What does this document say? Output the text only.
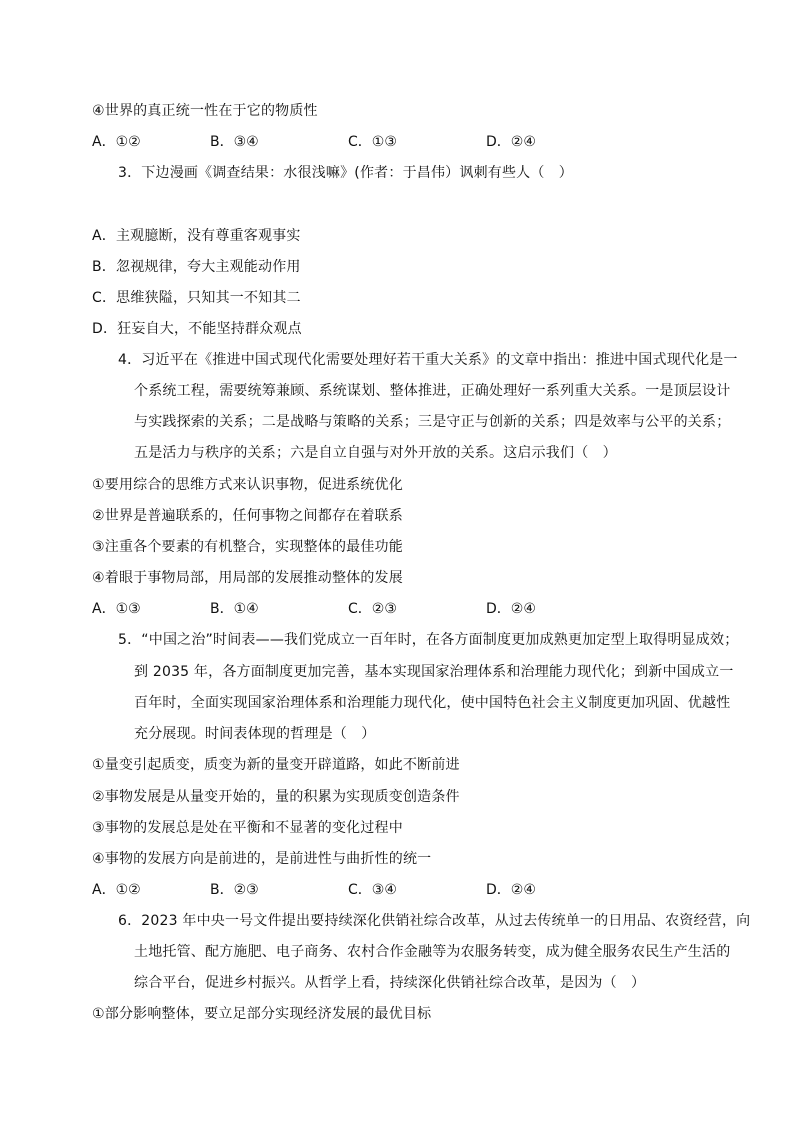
④世界的真正统一性在于它的物质性
A．①②	B．③④	C．①③	D．②④
3．下边漫画《调查结果：水很浅嘛》(作者：于昌伟）讽刺有些人（　）
A．主观臆断，没有尊重客观事实
B．忽视规律，夸大主观能动作用
C．思维狭隘，只知其一不知其二
D．狂妄自大，不能坚持群众观点
4．习近平在《推进中国式现代化需要处理好若干重大关系》的文章中指出：推进中国式现代化是一
个系统工程，需要统筹兼顾、系统谋划、整体推进，正确处理好一系列重大关系。一是顶层设计
与实践探索的关系；二是战略与策略的关系；三是守正与创新的关系；四是效率与公平的关系；
五是活力与秩序的关系；六是自立自强与对外开放的关系。这启示我们（　）
①要用综合的思维方式来认识事物，促进系统优化
②世界是普遍联系的，任何事物之间都存在着联系
③注重各个要素的有机整合，实现整体的最佳功能
④着眼于事物局部，用局部的发展推动整体的发展
A．①③	B．①④	C．②③	D．②④
5．“中国之治”时间表——我们党成立一百年时，在各方面制度更加成熟更加定型上取得明显成效；
到 2035 年，各方面制度更加完善，基本实现国家治理体系和治理能力现代化；到新中国成立一
百年时，全面实现国家治理体系和治理能力现代化，使中国特色社会主义制度更加巩固、优越性
充分展现。时间表体现的哲理是（　）
①量变引起质变，质变为新的量变开辟道路，如此不断前进
②事物发展是从量变开始的，量的积累为实现质变创造条件
③事物的发展总是处在平衡和不显著的变化过程中
④事物的发展方向是前进的，是前进性与曲折性的统一
A．①②	B．②③	C．③④	D．②④
6．2023 年中央一号文件提出要持续深化供销社综合改革，从过去传统单一的日用品、农资经营，向
土地托管、配方施肥、电子商务、农村合作金融等为农服务转变，成为健全服务农民生产生活的
综合平台，促进乡村振兴。从哲学上看，持续深化供销社综合改革，是因为（　）
①部分影响整体，要立足部分实现经济发展的最优目标
